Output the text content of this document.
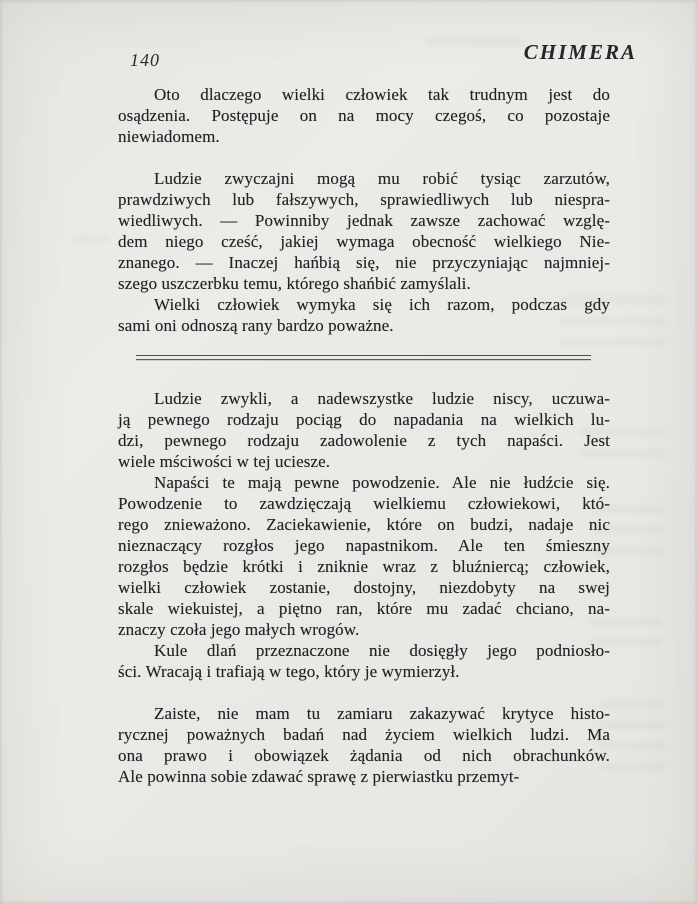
140	CHIMERA
Oto dlaczego wielki człowiek tak trudnym jest do
osądzenia. Postępuje on na mocy czegoś, co pozostaje
niewiadomem.
Ludzie zwyczajni mogą mu robić tysiąc zarzutów,
prawdziwych lub fałszywych, sprawiedliwych lub niespra-
wiedliwych. — Powinniby jednak zawsze zachować wzglę-
dem niego cześć, jakiej wymaga obecność wielkiego Nie-
znanego. — Inaczej hańbią się, nie przyczyniając najmniej-
szego uszczerbku temu, którego shańbić zamyślali.
Wielki człowiek wymyka się ich razom, podczas gdy
sami oni odnoszą rany bardzo poważne.
Ludzie zwykli, a nadewszystke ludzie niscy, uczuwa-
ją pewnego rodzaju pociąg do napadania na wielkich lu-
dzi, pewnego rodzaju zadowolenie z tych napaści. Jest
wiele mściwości w tej uciesze.
Napaści te mają pewne powodzenie. Ale nie łudźcie się.
Powodzenie to zawdzięczają wielkiemu człowiekowi, któ-
rego znieważono. Zaciekawienie, które on budzi, nadaje nic
nieznaczący rozgłos jego napastnikom. Ale ten śmieszny
rozgłos będzie krótki i zniknie wraz z bluźniercą; człowiek,
wielki człowiek zostanie, dostojny, niezdobyty na swej
skale wiekuistej, a piętno ran, które mu zadać chciano, na-
znaczy czoła jego małych wrogów.
Kule dlań przeznaczone nie dosięgły jego podniosło-
ści. Wracają i trafiają w tego, który je wymierzył.
Zaiste, nie mam tu zamiaru zakazywać krytyce histo-
rycznej poważnych badań nad życiem wielkich ludzi. Ma
ona prawo i obowiązek żądania od nich obrachunków.
Ale powinna sobie zdawać sprawę z pierwiastku przemyt-
